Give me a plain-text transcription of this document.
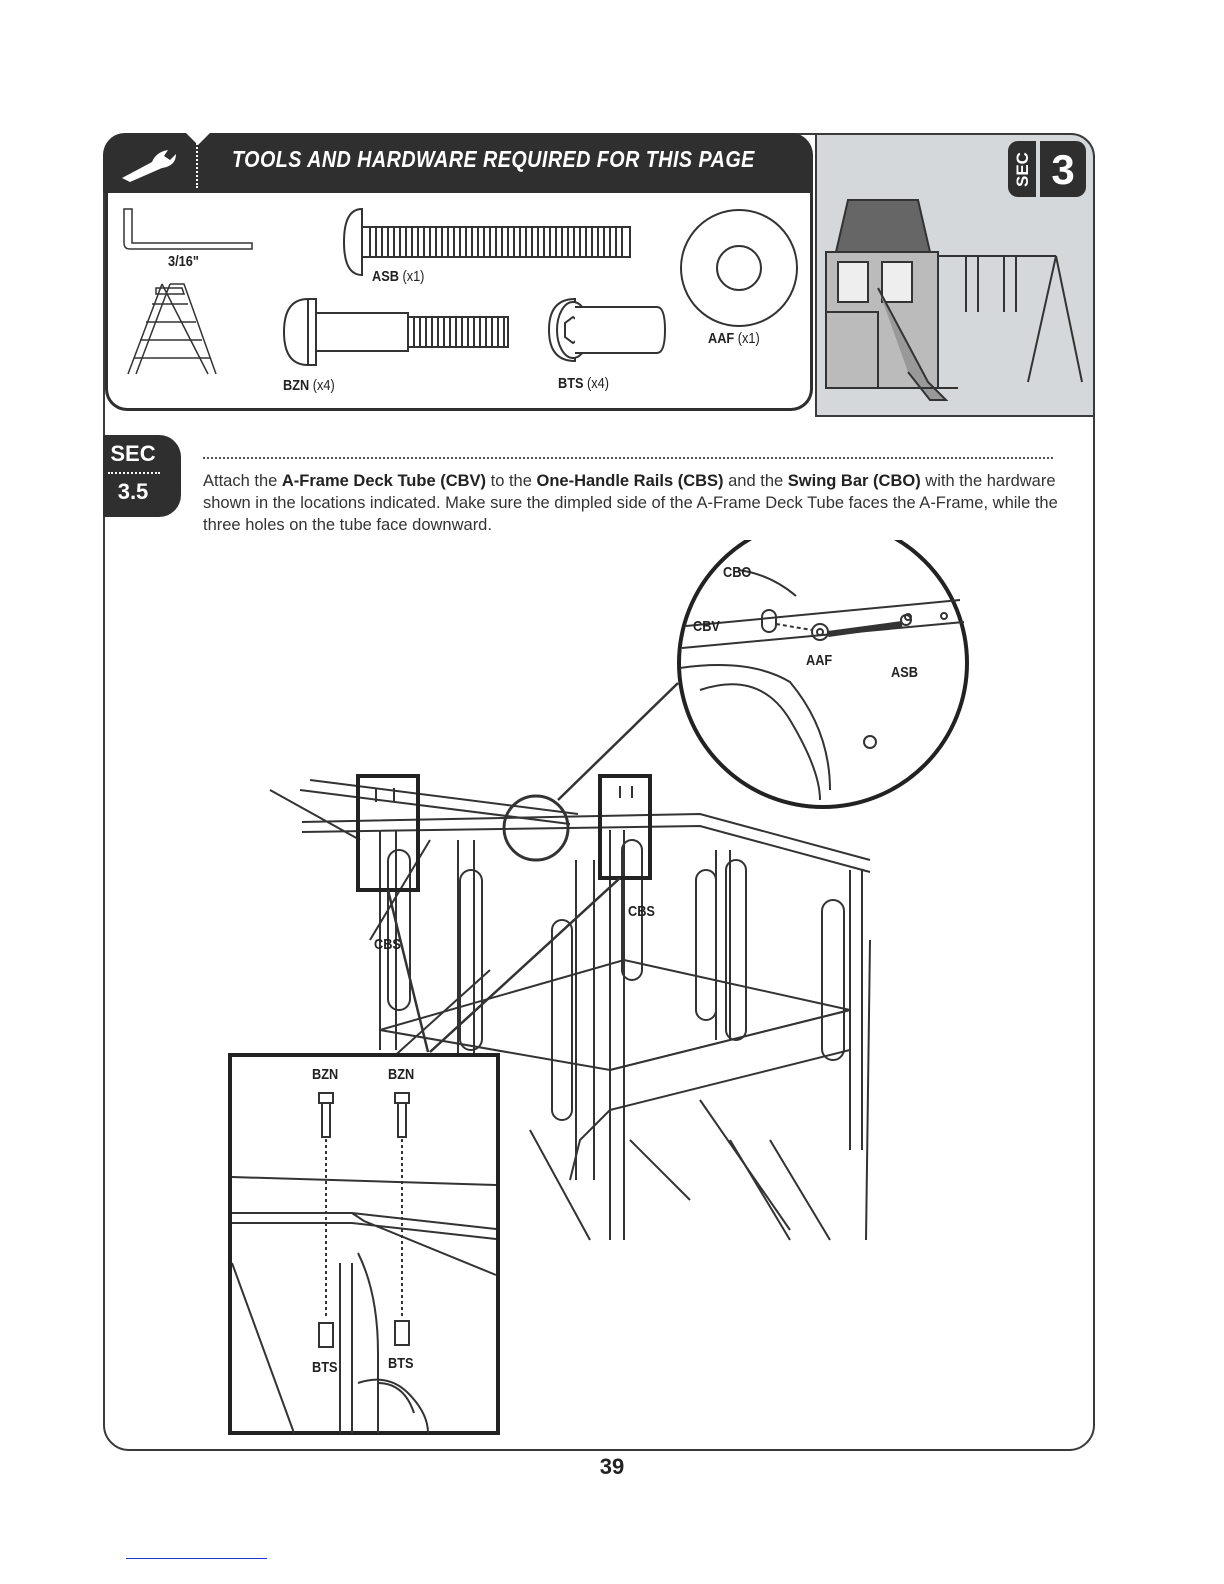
TOOLS AND HARDWARE REQUIRED FOR THIS PAGE
3/16"
ASB (x1)
AAF (x1)
BZN (x4)	BTS (x4)
SEC 3
SEC
3.5	Attach the A-Frame Deck Tube (CBV) to the One-Handle Rails (CBS) and the Swing Bar (CBO) with the hardware shown in the locations indicated. Make sure the dimpled side of the A-Frame Deck Tube faces the A-Frame, while the three holes on the tube face downward.
CBO
CBV
AAF
ASB
CBS
CBS
BZN	BZN
BTS	BTS
39
